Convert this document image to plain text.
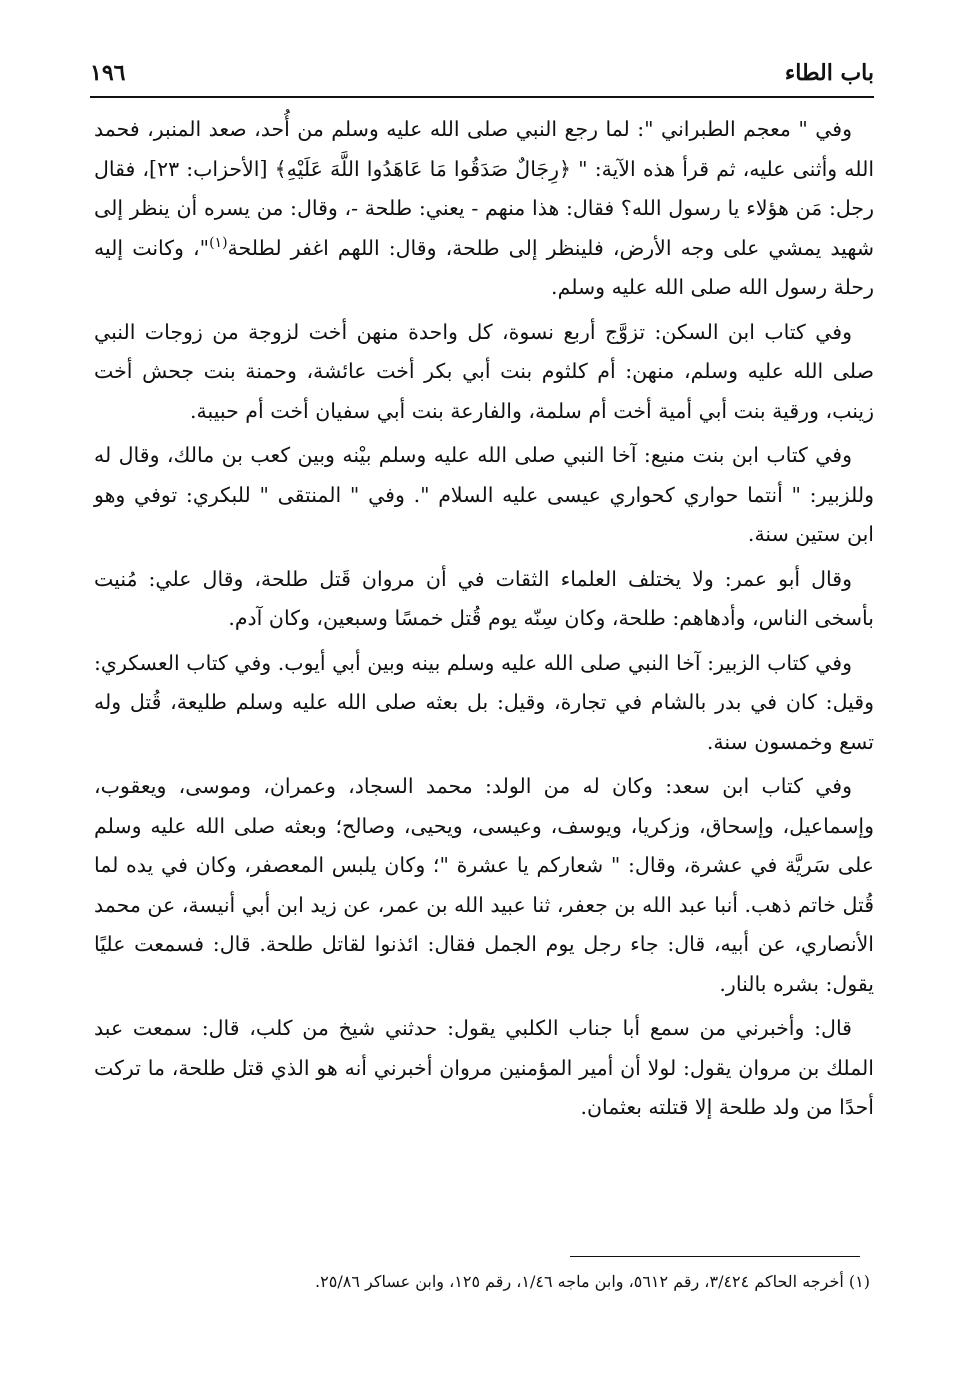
باب الطاء
١٩٦

وفي " معجم الطبراني ": لما رجع النبي صلى الله عليه وسلم من أُحد، صعد المنبر، فحمد الله وأثنى عليه، ثم قرأ هذه الآية: " ﴿رِجَالٌ صَدَقُوا مَا عَاهَدُوا اللَّهَ عَلَيْهِ﴾ [الأحزاب: ٢٣]، فقال رجل: مَن هؤلاء يا رسول الله؟ فقال: هذا منهم - يعني: طلحة -، وقال: من يسره أن ينظر إلى شهيد يمشي على وجه الأرض، فلينظر إلى طلحة، وقال: اللهم اغفر لطلحة$^{(١)}$"، وكانت إليه رحلة رسول الله صلى الله عليه وسلم.

وفي كتاب ابن السكن: تزوَّج أربع نسوة، كل واحدة منهن أخت لزوجة من زوجات النبي صلى الله عليه وسلم، منهن: أم كلثوم بنت أبي بكر أخت عائشة، وحمنة بنت جحش أخت زينب، ورقية بنت أبي أمية أخت أم سلمة، والفارعة بنت أبي سفيان أخت أم حبيبة.

وفي كتاب ابن بنت منيع: آخا النبي صلى الله عليه وسلم بيْنه وبين كعب بن مالك، وقال له وللزبير: " أنتما حواري كحواري عيسى عليه السلام ". وفي " المنتقى " للبكري: توفي وهو ابن ستين سنة.

وقال أبو عمر: ولا يختلف العلماء الثقات في أن مروان قَتل طلحة، وقال علي: مُنيت بأسخى الناس، وأدهاهم: طلحة، وكان سِنّه يوم قُتل خمسًا وسبعين، وكان آدم.

وفي كتاب الزبير: آخا النبي صلى الله عليه وسلم بينه وبين أبي أيوب. وفي كتاب العسكري: وقيل: كان في بدر بالشام في تجارة، وقيل: بل بعثه صلى الله عليه وسلم طليعة، قُتل وله تسع وخمسون سنة.

وفي كتاب ابن سعد: وكان له من الولد: محمد السجاد، وعمران، وموسى، ويعقوب، وإسماعيل، وإسحاق، وزكريا، ويوسف، وعيسى، ويحيى، وصالح؛ وبعثه صلى الله عليه وسلم على سَريَّة في عشرة، وقال: " شعاركم يا عشرة "؛ وكان يلبس المعصفر، وكان في يده لما قُتل خاتم ذهب. أنبا عبد الله بن جعفر، ثنا عبيد الله بن عمر، عن زيد ابن أبي أنيسة، عن محمد الأنصاري، عن أبيه، قال: جاء رجل يوم الجمل فقال: ائذنوا لقاتل طلحة. قال: فسمعت عليًا يقول: بشره بالنار.

قال: وأخبرني من سمع أبا جناب الكلبي يقول: حدثني شيخ من كلب، قال: سمعت عبد الملك بن مروان يقول: لولا أن أمير المؤمنين مروان أخبرني أنه هو الذي قتل طلحة، ما تركت أحدًا من ولد طلحة إلا قتلته بعثمان.

(١) أخرجه الحاكم ٣/٤٢٤، رقم ٥٦١٢، وابن ماجه ١/٤٦، رقم ١٢٥، وابن عساكر ٢٥/٨٦.
